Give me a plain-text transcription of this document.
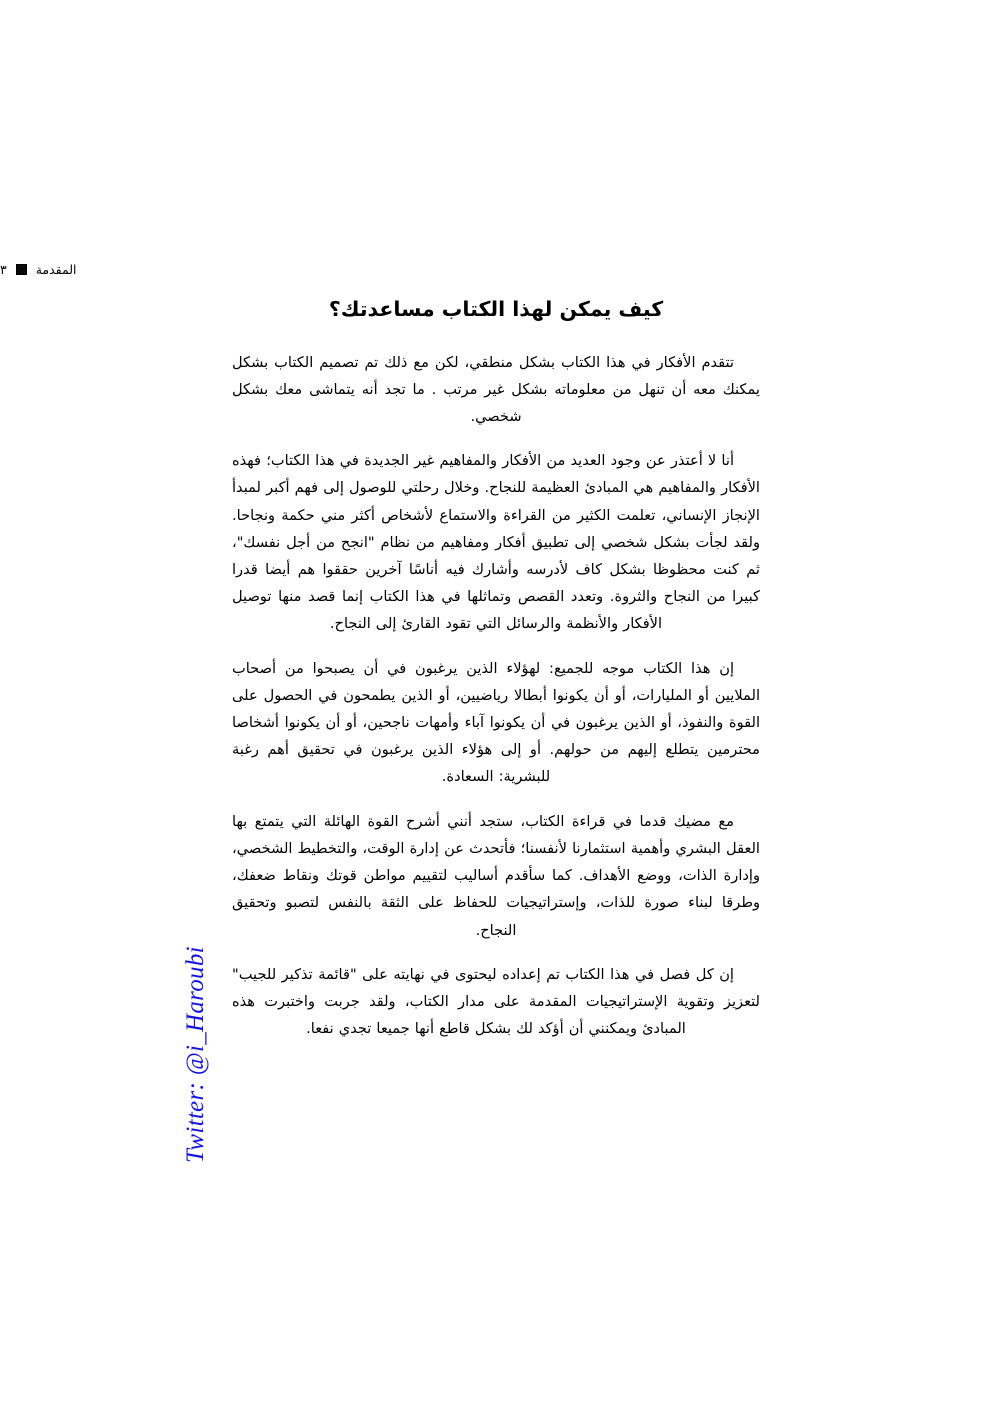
المقدمة
٣
كيف يمكن لهذا الكتاب مساعدتك؟

تتقدم الأفكار في هذا الكتاب بشكل منطقي، لكن مع ذلك تم تصميم الكتاب بشكل يمكنك معه أن تنهل من معلوماته بشكل غير مرتب . ما تجد أنه يتماشى معك بشكل شخصي.

أنا لا أعتذر عن وجود العديد من الأفكار والمفاهيم غير الجديدة في هذا الكتاب؛ فهذه الأفكار والمفاهيم هي المبادئ العظيمة للنجاح. وخلال رحلتي للوصول إلى فهم أكبر لمبدأ الإنجاز الإنساني، تعلمت الكثير من القراءة والاستماع لأشخاص أكثر مني حكمة ونجاحا. ولقد لجأت بشكل شخصي إلى تطبيق أفكار ومفاهيم من نظام "انجح من أجل نفسك"، ثم كنت محظوظا بشكل كاف لأدرسه وأشارك فيه أناسًا آخرين حققوا هم أيضا قدرا كبيرا من النجاح والثروة. وتعدد القصص وتماثلها في هذا الكتاب إنما قصد منها توصيل الأفكار والأنظمة والرسائل التي تقود القارئ إلى النجاح.

إن هذا الكتاب موجه للجميع: لهؤلاء الذين يرغبون في أن يصبحوا من أصحاب الملايين أو المليارات، أو أن يكونوا أبطالا رياضيين، أو الذين يطمحون في الحصول على القوة والنفوذ، أو الذين يرغبون في أن يكونوا آباء وأمهات ناجحين، أو أن يكونوا أشخاصا محترمين يتطلع إليهم من حولهم. أو إلى هؤلاء الذين يرغبون في تحقيق أهم رغبة للبشرية: السعادة.

مع مضيك قدما في قراءة الكتاب، ستجد أنني أشرح القوة الهائلة التي يتمتع بها العقل البشري وأهمية استثمارنا لأنفسنا؛ فأتحدث عن إدارة الوقت، والتخطيط الشخصي، وإدارة الذات، ووضع الأهداف. كما سأقدم أساليب لتقييم مواطن قوتك ونقاط ضعفك، وطرقا لبناء صورة للذات، وإستراتيجيات للحفاظ على الثقة بالنفس لتصبو وتحقيق النجاح.

إن كل فصل في هذا الكتاب تم إعداده ليحتوى في نهايته على "قائمة تذكير للجيب" لتعزيز وتقوية الإستراتيجيات المقدمة على مدار الكتاب، ولقد جربت واختبرت هذه المبادئ ويمكنني أن أؤكد لك بشكل قاطع أنها جميعا تجدي نفعا.

Twitter: @i_Haroubi
